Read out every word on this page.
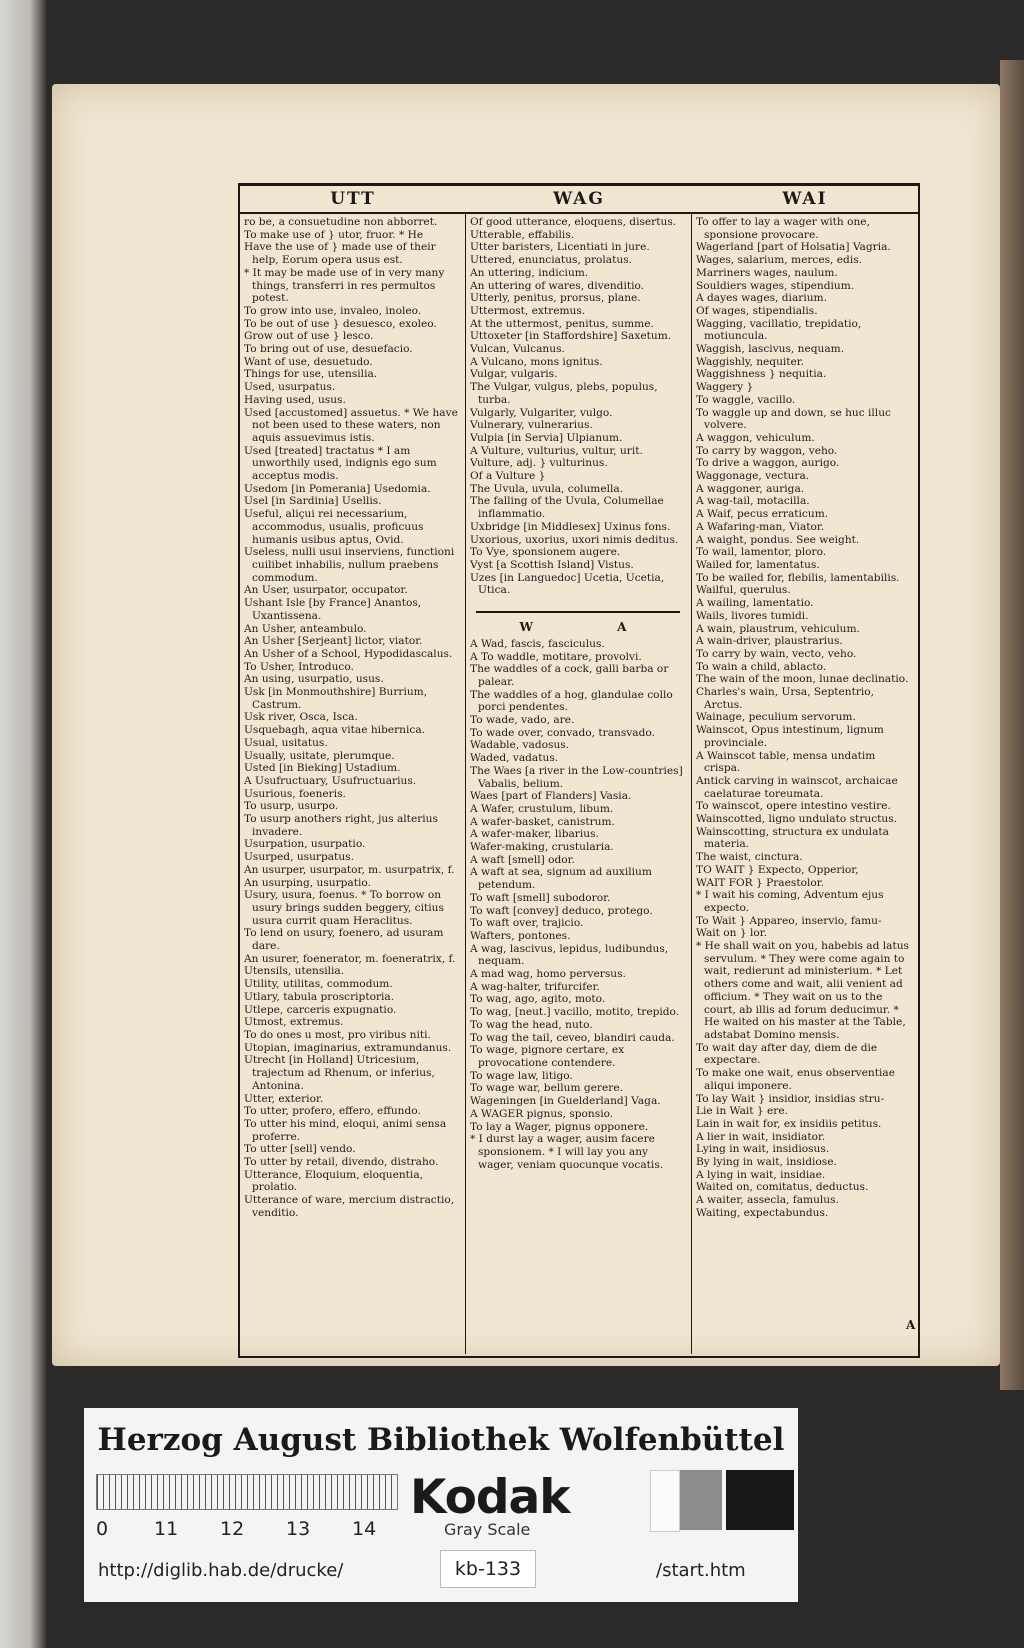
UTT	WAG	WAI

ro be, a consuetudine non abborret.

To make use of } utor, fruor. * He

Have the use of } made use of their help, Eorum opera usus est.

* It may be made use of in very many things, transferri in res permultos potest.

To grow into use, invaleo, inoleo.

To be out of use } desuesco, exoleo.

Grow out of use } lesco.

To bring out of use, desuefacio.

Want of use, desuetudo.

Things for use, utensilia.

Used, usurpatus.

Having used, usus.

Used [accustomed] assuetus. * We have not been used to these waters, non aquis assuevimus istis.

Used [treated] tractatus * I am unworthily used, indignis ego sum acceptus modis.

Usedom [in Pomerania] Usedomia.

Usel [in Sardinia] Usellis.

Useful, aliçui rei necessarium, accommodus, usualis, proficuus humanis usibus aptus, Ovid.

Useless, nulli usui inserviens, functioni cuilibet inhabilis, nullum praebens commodum.

An User, usurpator, occupator.

Ushant Isle [by France] Anantos, Uxantissena.

An Usher, anteambulo.

An Usher [Serjeant] lictor, viator.

An Usher of a School, Hypodidascalus.

To Usher, Introduco.

An using, usurpatio, usus.

Usk [in Monmouthshire] Burrium, Castrum.

Usk river, Osca, Isca.

Usquebagh, aqua vitae hibernica.

Usual, usitatus.

Usually, usitate, plerumque.

Usted [in Bieking] Ustadium.

A Usufructuary, Usufructuarius.

Usurious, foeneris.

To usurp, usurpo.

To usurp anothers right, jus alterius invadere.

Usurpation, usurpatio.

Usurped, usurpatus.

An usurper, usurpator, m. usurpatrix, f.

An usurping, usurpatio.

Usury, usura, foenus. * To borrow on usury brings sudden beggery, citius usura currit quam Heraclitus.

To lend on usury, foenero, ad usuram dare.

An usurer, foenerator, m. foeneratrix, f.

Utensils, utensilia.

Utility, utilitas, commodum.

Utlary, tabula proscriptoria.

Utlepe, carceris expugnatio.

Utmost, extremus.

To do ones u most, pro viribus niti.

Utopian, imaginarius, extramundanus.

Utrecht [in Holland] Utricesium, trajectum ad Rhenum, or inferius, Antonina.

Utter, exterior.

To utter, profero, effero, effundo.

To utter his mind, eloqui, animi sensa proferre.

To utter [sell] vendo.

To utter by retail, divendo, distraho.

Utterance, Eloquium, eloquentia, prolatio.

Utterance of ware, mercium distractio, venditio.

Of good utterance, eloquens, disertus.

Utterable, effabilis.

Utter baristers, Licentiati in jure.

Uttered, enunciatus, prolatus.

An uttering, indicium.

An uttering of wares, divenditio.

Utterly, penitus, prorsus, plane.

Uttermost, extremus.

At the uttermost, penitus, summe.

Uttoxeter [in Staffordshire] Saxetum.

Vulcan, Vulcanus.

A Vulcano, mons ignitus.

Vulgar, vulgaris.

The Vulgar, vulgus, plebs, populus, turba.

Vulgarly, Vulgariter, vulgo.

Vulnerary, vulnerarius.

Vulpia [in Servia] Ulpianum.

A Vulture, vulturius, vultur, urit.

Vulture, adj. } vulturinus.

Of a Vulture }

The Uvula, uvula, columella.

The falling of the Uvula, Columellae inflammatio.

Uxbridge [in Middlesex] Uxinus fons.

Uxorious, uxorius, uxori nimis deditus.

To Vye, sponsionem augere.

Vyst [a Scottish Island] Vistus.

Uzes [in Languedoc] Ucetia, Ucetia, Utica.

W A

A Wad, fascis, fasciculus.

A To waddle, motitare, provolvi.

The waddles of a cock, galli barba or palear.

The waddles of a hog, glandulae collo porci pendentes.

To wade, vado, are.

To wade over, convado, transvado.

Wadable, vadosus.

Waded, vadatus.

The Waes [a river in the Low-countries] Vabalis, belium.

Waes [part of Flanders] Vasia.

A Wafer, crustulum, libum.

A wafer-basket, canistrum.

A wafer-maker, libarius.

Wafer-making, crustularia.

A waft [smell] odor.

A waft at sea, signum ad auxilium petendum.

To waft [smell] subodoror.

To waft [convey] deduco, protego.

To waft over, trajicio.

Wafters, pontones.

A wag, lascivus, lepidus, ludibundus, nequam.

A mad wag, homo perversus.

A wag-halter, trifurcifer.

To wag, ago, agito, moto.

To wag, [neut.] vacillo, motito, trepido.

To wag the head, nuto.

To wag the tail, ceveo, blandiri cauda.

To wage, pignore certare, ex provocatione contendere.

To wage law, litigo.

To wage war, bellum gerere.

Wageningen [in Guelderland] Vaga.

A WAGER pignus, sponsio.

To lay a Wager, pignus opponere.

* I durst lay a wager, ausim facere sponsionem. * I will lay you any wager, veniam quocunque vocatis.

To offer to lay a wager with one, sponsione provocare.

Wagerland [part of Holsatia] Vagria.

Wages, salarium, merces, edis.

Marriners wages, naulum.

Souldiers wages, stipendium.

A dayes wages, diarium.

Of wages, stipendialis.

Wagging, vacillatio, trepidatio, motiuncula.

Waggish, lascivus, nequam.

Waggishly, nequiter.

Waggishness } nequitia.

Waggery }

To waggle, vacillo.

To waggle up and down, se huc illuc volvere.

A waggon, vehiculum.

To carry by waggon, veho.

To drive a waggon, aurigo.

Waggonage, vectura.

A waggoner, auriga.

A wag-tail, motacilla.

A Waif, pecus erraticum.

A Wafaring-man, Viator.

A waight, pondus. See weight.

To wail, lamentor, ploro.

Wailed for, lamentatus.

To be wailed for, flebilis, lamentabilis.

Wailful, querulus.

A wailing, lamentatio.

Wails, livores tumidi.

A wain, plaustrum, vehiculum.

A wain-driver, plaustrarius.

To carry by wain, vecto, veho.

To wain a child, ablacto.

The wain of the moon, lunae declinatio.

Charles's wain, Ursa, Septentrio, Arctus.

Wainage, peculium servorum.

Wainscot, Opus intestinum, lignum provinciale.

A Wainscot table, mensa undatim crispa.

Antick carving in wainscot, archaicae caelaturae toreumata.

To wainscot, opere intestino vestire.

Wainscotted, ligno undulato structus.

Wainscotting, structura ex undulata materia.

The waist, cinctura.

TO WAIT } Expecto, Opperior,

WAIT FOR } Praestolor.

* I wait his coming, Adventum ejus expecto.

To Wait } Appareo, inservio, famu-

Wait on } lor.

* He shall wait on you, habebis ad latus servulum. * They were come again to wait, redierunt ad ministerium. * Let others come and wait, alii venient ad officium. * They wait on us to the court, ab illis ad forum deducimur. * He waited on his master at the Table, adstabat Domino mensis.

To wait day after day, diem de die expectare.

To make one wait, enus observentiae aliqui imponere.

To lay Wait } insidior, insidias stru-

Lie in Wait } ere.

Lain in wait for, ex insidiis petitus.

A lier in wait, insidiator.

Lying in wait, insidiosus.

By lying in wait, insidiose.

A lying in wait, insidiae.

Waited on, comitatus, deductus.

A waiter, assecla, famulus.

Waiting, expectabundus.

A
Herzog August Bibliothek Wolfenbüttel
0 11 12 13 14
Kodak
Gray Scale
http://diglib.hab.de/drucke/	kb-133	/start.htm
